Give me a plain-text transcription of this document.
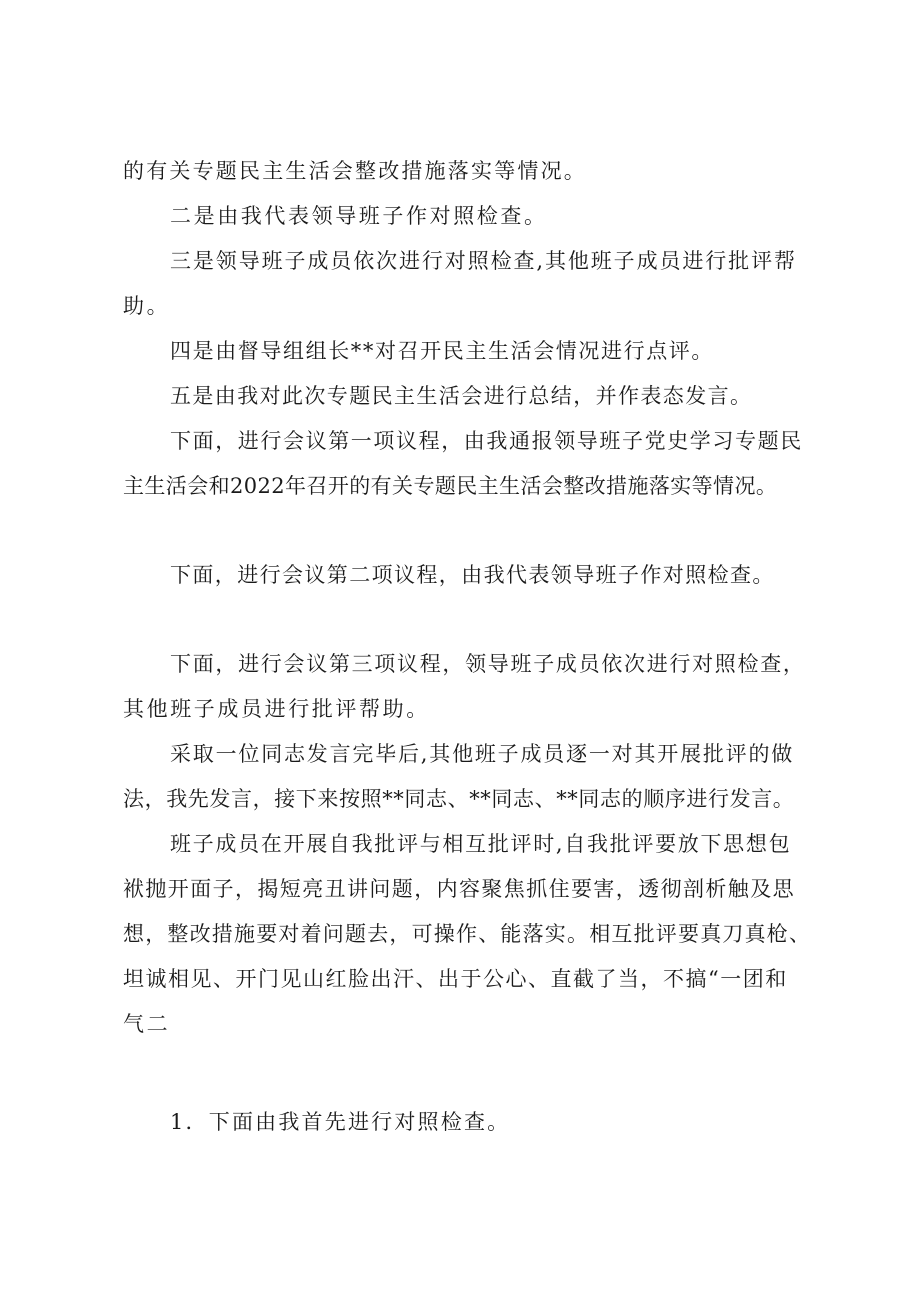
的有关专题民主生活会整改措施落实等情况。
二是由我代表领导班子作对照检查。
三是领导班子成员依次进行对照检查,其他班子成员进行批评帮
助。
四是由督导组组长**对召开民主生活会情况进行点评。
五是由我对此次专题民主生活会进行总结，并作表态发言。
下面，进行会议第一项议程，由我通报领导班子党史学习专题民
主生活会和2022年召开的有关专题民主生活会整改措施落实等情况。
下面，进行会议第二项议程，由我代表领导班子作对照检查。
下面，进行会议第三项议程，领导班子成员依次进行对照检查，
其他班子成员进行批评帮助。
采取一位同志发言完毕后,其他班子成员逐一对其开展批评的做
法，我先发言，接下来按照**同志、**同志、**同志的顺序进行发言。
班子成员在开展自我批评与相互批评时,自我批评要放下思想包
袱抛开面子，揭短亮丑讲问题，内容聚焦抓住要害，透彻剖析触及思
想，整改措施要对着问题去，可操作、能落实。相互批评要真刀真枪、
坦诚相见、开门见山红脸出汗、出于公心、直截了当，不搞“一团和
气二
1．下面由我首先进行对照检查。
